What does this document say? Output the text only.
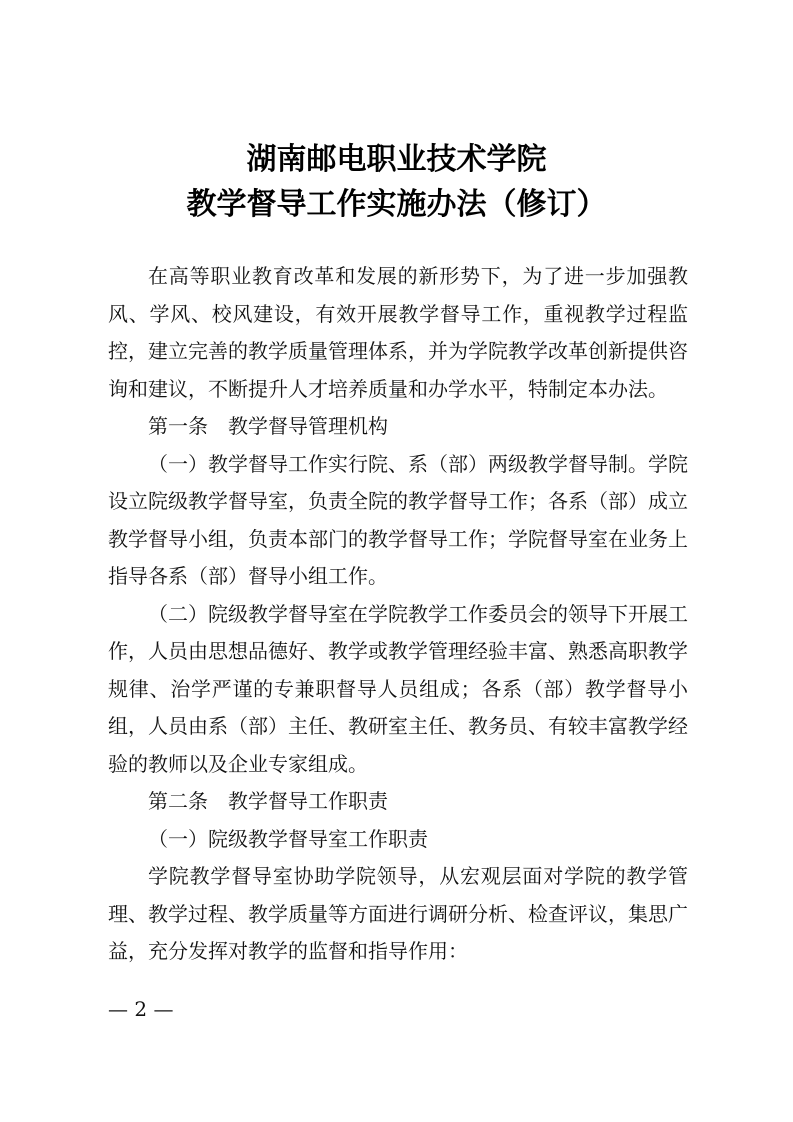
湖南邮电职业技术学院
教学督导工作实施办法（修订）

在高等职业教育改革和发展的新形势下，为了进一步加强教风、学风、校风建设，有效开展教学督导工作，重视教学过程监控，建立完善的教学质量管理体系，并为学院教学改革创新提供咨询和建议，不断提升人才培养质量和办学水平，特制定本办法。

第一条　教学督导管理机构

（一）教学督导工作实行院、系（部）两级教学督导制。学院设立院级教学督导室，负责全院的教学督导工作；各系（部）成立教学督导小组，负责本部门的教学督导工作；学院督导室在业务上指导各系（部）督导小组工作。

（二）院级教学督导室在学院教学工作委员会的领导下开展工作，人员由思想品德好、教学或教学管理经验丰富、熟悉高职教学规律、治学严谨的专兼职督导人员组成；各系（部）教学督导小组，人员由系（部）主任、教研室主任、教务员、有较丰富教学经验的教师以及企业专家组成。

第二条　教学督导工作职责

（一）院级教学督导室工作职责

学院教学督导室协助学院领导，从宏观层面对学院的教学管理、教学过程、教学质量等方面进行调研分析、检查评议，集思广益，充分发挥对教学的监督和指导作用：

— 2 —
